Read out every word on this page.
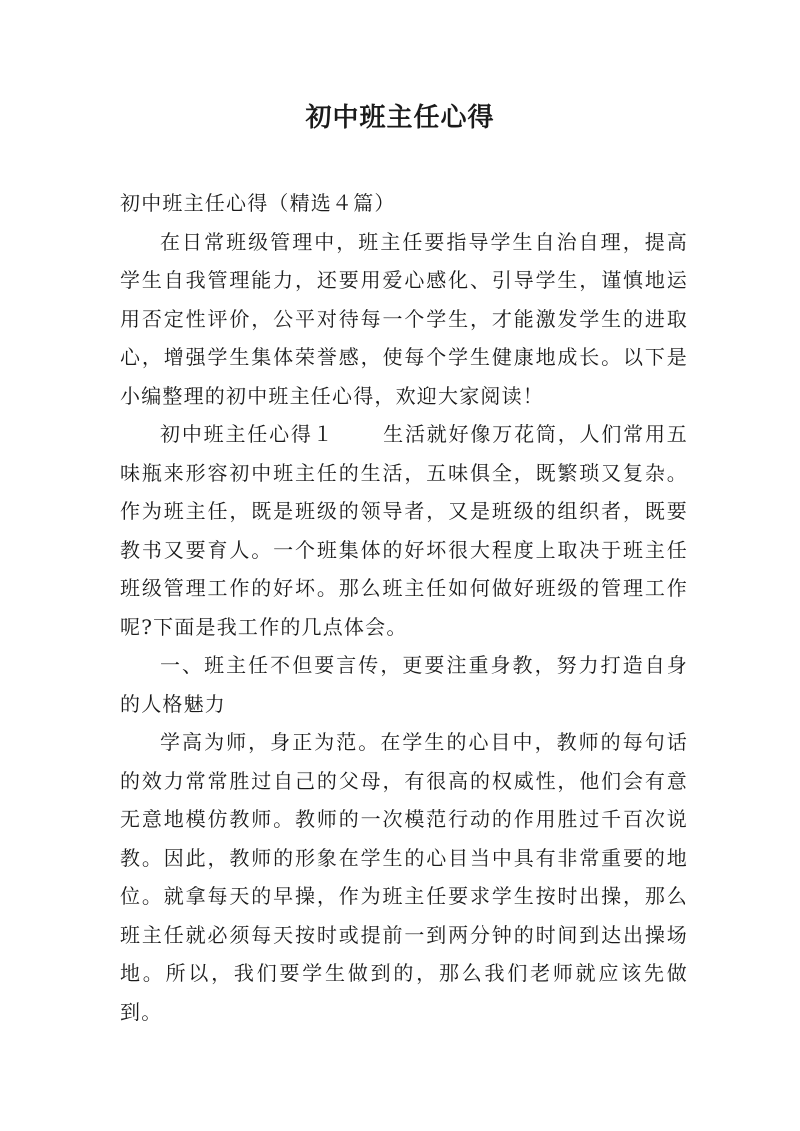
初中班主任心得

初中班主任心得（精选４篇）

在日常班级管理中，班主任要指导学生自治自理，提高学生自我管理能力，还要用爱心感化、引导学生，谨慎地运用否定性评价，公平对待每一个学生，才能激发学生的进取心，增强学生集体荣誉感，使每个学生健康地成长。以下是小编整理的初中班主任心得，欢迎大家阅读！

初中班主任心得１ 生活就好像万花筒，人们常用五味瓶来形容初中班主任的生活，五味俱全，既繁琐又复杂。作为班主任，既是班级的领导者，又是班级的组织者，既要教书又要育人。一个班集体的好坏很大程度上取决于班主任班级管理工作的好坏。那么班主任如何做好班级的管理工作呢?下面是我工作的几点体会。

一、班主任不但要言传，更要注重身教，努力打造自身的人格魅力

学高为师，身正为范。在学生的心目中，教师的每句话的效力常常胜过自己的父母，有很高的权威性，他们会有意无意地模仿教师。教师的一次模范行动的作用胜过千百次说教。因此，教师的形象在学生的心目当中具有非常重要的地位。就拿每天的早操，作为班主任要求学生按时出操，那么班主任就必须每天按时或提前一到两分钟的时间到达出操场地。所以，我们要学生做到的，那么我们老师就应该先做到。
